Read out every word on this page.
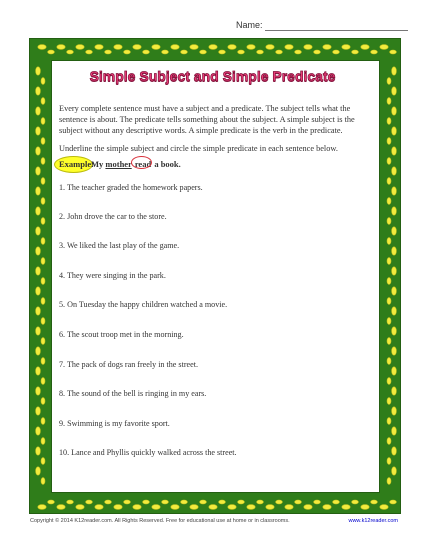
Name:
Simple Subject and Simple Predicate
Every complete sentence must have a subject and a predicate. The subject tells what the sentence is about. The predicate tells something about the subject. A simple subject is the subject without any descriptive words. A simple predicate is the verb in the predicate.
Underline the simple subject and circle the simple predicate in each sentence below.
Example:
My mother read a book.
1. The teacher graded the homework papers.
2. John drove the car to the store.
3. We liked the last play of the game.
4. They were singing in the park.
5. On Tuesday the happy children watched a movie.
6. The scout troop met in the morning.
7. The pack of dogs ran freely in the street.
8. The sound of the bell is ringing in my ears.
9. Swimming is my favorite sport.
10. Lance and Phyllis quickly walked across the street.
Copyright © 2014 K12reader.com. All Rights Reserved. Free for educational use at home or in classrooms.	www.k12reader.com
